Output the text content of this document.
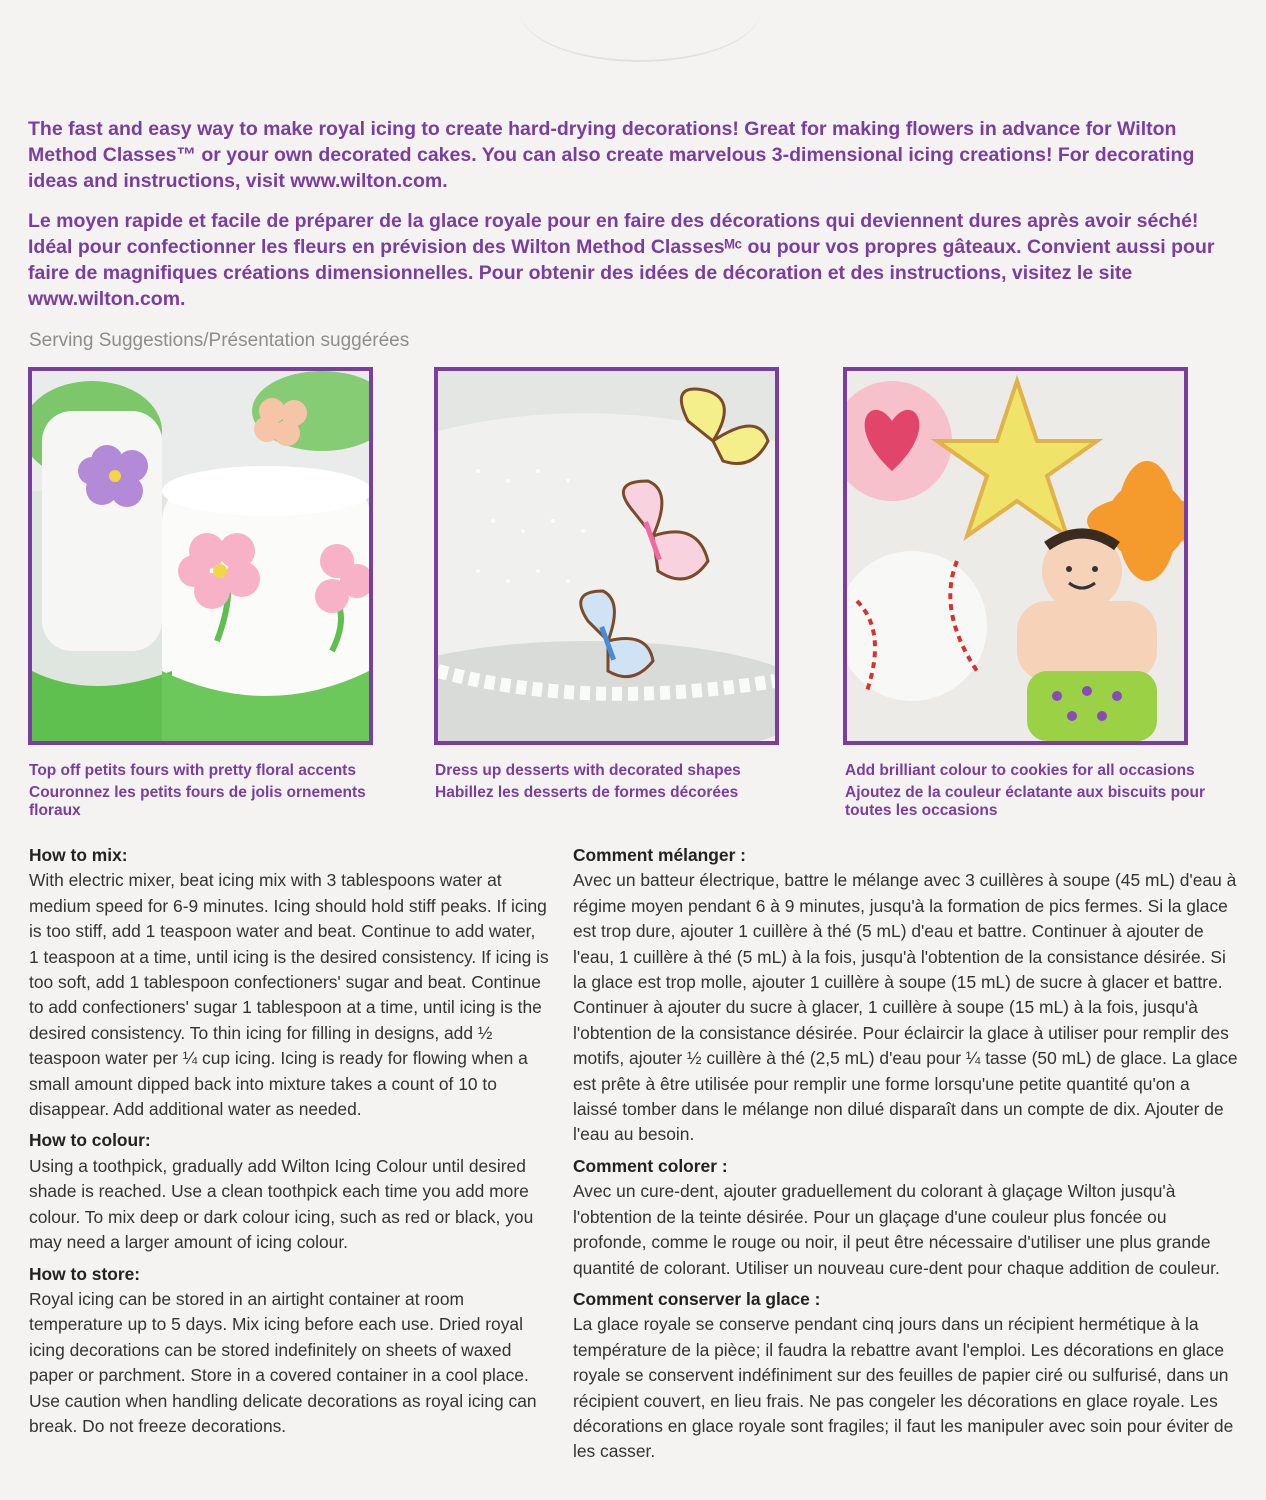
The fast and easy way to make royal icing to create hard-drying decorations! Great for making flowers in advance for Wilton Method Classes™ or your own decorated cakes. You can also create marvelous 3-dimensional icing creations! For decorating ideas and instructions, visit www.wilton.com.

Le moyen rapide et facile de préparer de la glace royale pour en faire des décorations qui deviennent dures après avoir séché! Idéal pour confectionner les fleurs en prévision des Wilton Method Classesᴹᶜ ou pour vos propres gâteaux. Convient aussi pour faire de magnifiques créations dimensionnelles. Pour obtenir des idées de décoration et des instructions, visitez le site www.wilton.com.

Serving Suggestions/Présentation suggérées
Top off petits fours with pretty floral accents
Couronnez les petits fours de jolis ornements floraux
Dress up desserts with decorated shapes
Habillez les desserts de formes décorées
Add brilliant colour to cookies for all occasions
Ajoutez de la couleur éclatante aux biscuits pour toutes les occasions
How to mix:
With electric mixer, beat icing mix with 3 tablespoons water at medium speed for 6-9 minutes. Icing should hold stiff peaks. If icing is too stiff, add 1 teaspoon water and beat. Continue to add water, 1 teaspoon at a time, until icing is the desired consistency. If icing is too soft, add 1 tablespoon confectioners' sugar and beat. Continue to add confectioners' sugar 1 tablespoon at a time, until icing is the desired consistency. To thin icing for filling in designs, add ½ teaspoon water per ¼ cup icing. Icing is ready for flowing when a small amount dipped back into mixture takes a count of 10 to disappear. Add additional water as needed.
How to colour:
Using a toothpick, gradually add Wilton Icing Colour until desired shade is reached. Use a clean toothpick each time you add more colour. To mix deep or dark colour icing, such as red or black, you may need a larger amount of icing colour.
How to store:
Royal icing can be stored in an airtight container at room temperature up to 5 days. Mix icing before each use. Dried royal icing decorations can be stored indefinitely on sheets of waxed paper or parchment. Store in a covered container in a cool place. Use caution when handling delicate decorations as royal icing can break. Do not freeze decorations.
Comment mélanger :
Avec un batteur électrique, battre le mélange avec 3 cuillères à soupe (45 mL) d'eau à régime moyen pendant 6 à 9 minutes, jusqu'à la formation de pics fermes. Si la glace est trop dure, ajouter 1 cuillère à thé (5 mL) d'eau et battre. Continuer à ajouter de l'eau, 1 cuillère à thé (5 mL) à la fois, jusqu'à l'obtention de la consistance désirée. Si la glace est trop molle, ajouter 1 cuillère à soupe (15 mL) de sucre à glacer et battre. Continuer à ajouter du sucre à glacer, 1 cuillère à soupe (15 mL) à la fois, jusqu'à l'obtention de la consistance désirée. Pour éclaircir la glace à utiliser pour remplir des motifs, ajouter ½ cuillère à thé (2,5 mL) d'eau pour ¼ tasse (50 mL) de glace. La glace est prête à être utilisée pour remplir une forme lorsqu'une petite quantité qu'on a laissé tomber dans le mélange non dilué disparaît dans un compte de dix. Ajouter de l'eau au besoin.
Comment colorer :
Avec un cure-dent, ajouter graduellement du colorant à glaçage Wilton jusqu'à l'obtention de la teinte désirée. Pour un glaçage d'une couleur plus foncée ou profonde, comme le rouge ou noir, il peut être nécessaire d'utiliser une plus grande quantité de colorant. Utiliser un nouveau cure-dent pour chaque addition de couleur.
Comment conserver la glace :
La glace royale se conserve pendant cinq jours dans un récipient hermétique à la température de la pièce; il faudra la rebattre avant l'emploi. Les décorations en glace royale se conservent indéfiniment sur des feuilles de papier ciré ou sulfurisé, dans un récipient couvert, en lieu frais. Ne pas congeler les décorations en glace royale. Les décorations en glace royale sont fragiles; il faut les manipuler avec soin pour éviter de les casser.
